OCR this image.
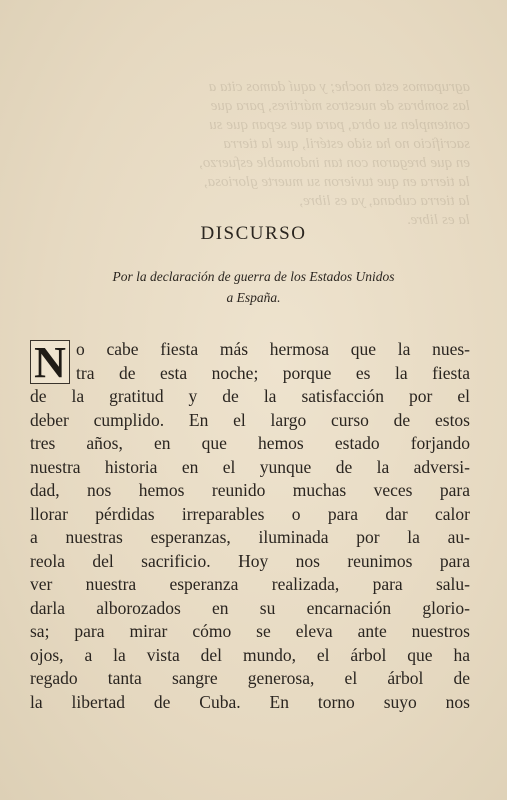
agrupamos esta noche; y aquí damos cita a
las sombras de nuestros mártires, para que
contemplen su obra, para que sepan que su
sacrificio no ha sido estéril, que la tierra
en que bregaron con tan indomable esfuerzo,
la tierra en que tuvieron su muerte gloriosa,
la tierra cubana, ya es libre,
la es libre.
DISCURSO
Por la declaración de guerra de los Estados Unidos
a España.
N o cabe fiesta más hermosa que la nues-
tra de esta noche; porque es la fiesta
de la gratitud y de la satisfacción por el
deber cumplido. En el largo curso de estos
tres años, en que hemos estado forjando
nuestra historia en el yunque de la adversi-
dad, nos hemos reunido muchas veces para
llorar pérdidas irreparables o para dar calor
a nuestras esperanzas, iluminada por la au-
reola del sacrificio. Hoy nos reunimos para
ver nuestra esperanza realizada, para salu-
darla alborozados en su encarnación glorio-
sa; para mirar cómo se eleva ante nuestros
ojos, a la vista del mundo, el árbol que ha
regado tanta sangre generosa, el árbol de
la libertad de Cuba. En torno suyo nos
